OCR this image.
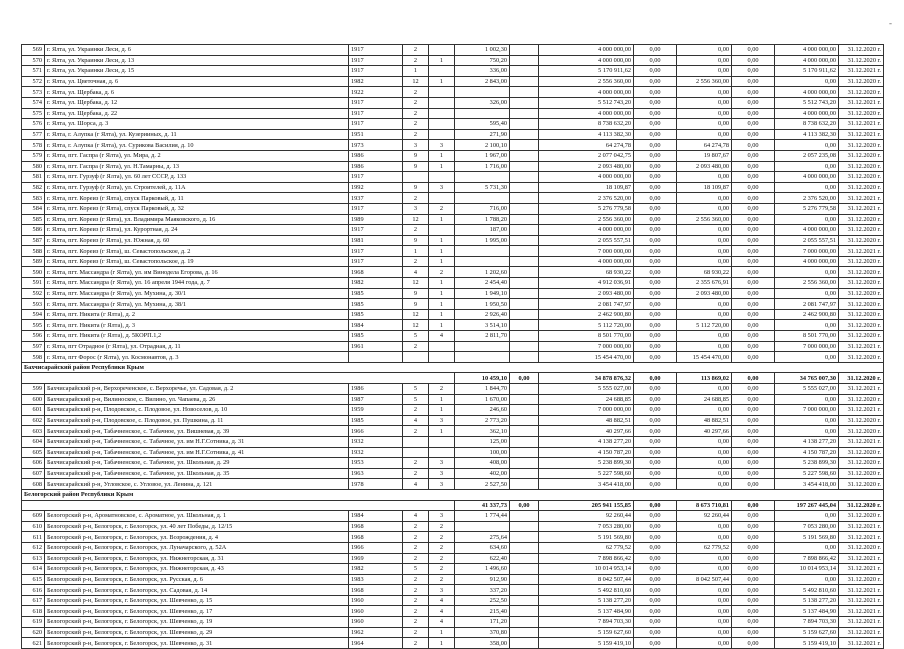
-
569	г. Ялта, ул. Украинки Леси, д. 6	1917	2		1 002,30		4 000 000,00	0,00	0,00	0,00	4 000 000,00	31.12.2020 г.
570	г. Ялта, ул. Украинки Леси, д. 13	1917	2	1	750,20		4 000 000,00	0,00	0,00	0,00	4 000 000,00	31.12.2020 г.
571	г. Ялта, ул. Украинки Леси, д. 15	1917	1		336,00		5 170 911,62	0,00	0,00	0,00	5 170 911,62	31.12.2021 г.
572	г. Ялта, ул. Цветочная, д. 6	1982	12	1	2 843,00		2 556 360,00	0,00	2 556 360,00	0,00	0,00	31.12.2020 г.
573	г. Ялта, ул. Щербака, д. 6	1922	2				4 000 000,00	0,00	0,00	0,00	4 000 000,00	31.12.2020 г.
574	г. Ялта, ул. Щербака, д. 12	1917	2		326,00		5 512 743,20	0,00	0,00	0,00	5 512 743,20	31.12.2021 г.
575	г. Ялта, ул. Щербака, д. 22	1917	2				4 000 000,00	0,00	0,00	0,00	4 000 000,00	31.12.2020 г.
576	г. Ялта, ул. Шорса, д. 3	1917	2		595,40		8 738 632,20	0,00	0,00	0,00	8 738 632,20	31.12.2021 г.
577	г. Ялта, г. Алупка (г Ялта), ул. Кузерииных, д. 11	1951	2		271,90		4 113 382,30	0,00	0,00	0,00	4 113 382,30	31.12.2021 г.
578	г. Ялта, г. Алупка (г Ялта), ул. Сурикова Василия, д. 10	1973	3	3	2 100,10		64 274,78	0,00	64 274,78	0,00	0,00	31.12.2020 г.
579	г. Ялта, пгт. Гаспра (г Ялта), ул. Мира, д. 2	1986	9	1	1 967,00		2 077 042,75	0,00	19 807,67	0,00	2 057 235,08	31.12.2020 г.
580	г. Ялта, пгт. Гаспра (г Ялта), ул. Н.Тамарны, д. 13	1986	9	1	1 716,00		2 093 480,00	0,00	2 093 480,00	0,00	0,00	31.12.2020 г.
581	г. Ялта, пгт. Гурзуф (г Ялта), ул. 60 лет СССР, д. 133	1917					4 000 000,00	0,00	0,00	0,00	4 000 000,00	31.12.2020 г.
582	г. Ялта, пгт. Гурзуф (г Ялта), ул. Строителей, д. 11А	1992	9	3	5 731,30		18 109,87	0,00	18 109,87	0,00	0,00	31.12.2020 г.
583	г. Ялта, пгт. Кореиз (г Ялта), спуск Парковый, д. 11	1937	2				2 376 520,00	0,00	0,00	0,00	2 376 520,00	31.12.2021 г.
584	г. Ялта, пгт. Кореиз (г Ялта), спуск Парковый, д. 32	1917	3	2	716,00		5 276 779,58	0,00	0,00	0,00	5 276 779,58	31.12.2021 г.
585	г. Ялта, пгт. Кореиз (г Ялта), ул. Владимира Маяковского, д. 16	1989	12	1	1 788,20		2 556 360,00	0,00	2 556 360,00	0,00	0,00	31.12.2020 г.
586	г. Ялта, пгт. Кореиз (г Ялта), ул. Курортная, д. 24	1917	2		187,00		4 000 000,00	0,00	0,00	0,00	4 000 000,00	31.12.2020 г.
587	г. Ялта, пгт. Кореиз (г Ялта), ул. Южная, д. 60	1981	9	1	1 995,00		2 055 557,51	0,00	0,00	0,00	2 055 557,51	31.12.2020 г.
588	г. Ялта, пгт. Кореиз (г Ялта), ш. Севастопольское, д. 2	1917	1	1			7 000 000,00	0,00	0,00	0,00	7 000 000,00	31.12.2021 г.
589	г. Ялта, пгт. Кореиз (г Ялта), ш. Севастопольское, д. 19	1917	2	1			4 000 000,00	0,00	0,00	0,00	4 000 000,00	31.12.2020 г.
590	г. Ялта, пгт. Массандра (г Ялта), ул. им Винодела Егорова, д. 16	1968	4	2	1 202,60		68 930,22	0,00	68 930,22	0,00	0,00	31.12.2020 г.
591	г. Ялта, пгт. Массандра (г Ялта), ул. 16 апреля 1944 года, д. 7	1982	12	1	2 454,40		4 912 036,91	0,00	2 355 676,91	0,00	2 556 360,00	31.12.2020 г.
592	г. Ялта, пгт. Массандра (г Ялта), ул. Мухина, д. 30/1	1985	9	1	1 949,10		2 093 480,00	0,00	2 093 480,00	0,00	0,00	31.12.2020 г.
593	г. Ялта, пгт. Массандра (г Ялта), ул. Мухина, д. 38/1	1985	9	1	1 950,50		2 081 747,97	0,00	0,00	0,00	2 081 747,97	31.12.2020 г.
594	г. Ялта, пгт. Никита (г Ялта), д. 2	1985	12	1	2 926,40		2 462 900,80	0,00	0,00	0,00	2 462 900,80	31.12.2020 г.
595	г. Ялта, пгт. Никита (г Ялта), д. 3	1984	12	1	3 514,10		5 112 720,00	0,00	5 112 720,00	0,00	0,00	31.12.2020 г.
596	г. Ялта, пгт. Никита (г Ялта), д. 5КОРП.1,2	1985	5	4	2 811,70		8 501 770,00	0,00	0,00	0,00	8 501 770,00	31.12.2020 г.
597	г. Ялта, пгт Отрадное (г Ялта), ул. Отрадная, д. 11	1961	2				7 000 000,00	0,00	0,00	0,00	7 000 000,00	31.12.2021 г.
598	г. Ялта, пгт Форос (г Ялта), ул. Космонавтов, д. 3						15 454 470,00	0,00	15 454 470,00	0,00	0,00	31.12.2020 г.
Бахчисарайский район Республики Крым												
					10 459,10	0,00	34 878 876,32	0,00	113 869,02	0,00	34 765 007,30	31.12.2020 г.
599	Бахчисарайский р-н, Верхореченское, с. Верхоречье, ул. Садовая, д. 2	1986	5	2	1 844,70		5 555 027,00	0,00	0,00	0,00	5 555 027,00	31.12.2021 г.
600	Бахчисарайский р-н, Вилиноское, с. Вилино, ул. Чапаева, д. 26	1987	5	1	1 670,00		24 688,85	0,00	24 688,85	0,00	0,00	31.12.2020 г.
601	Бахчисарайский р-н, Плодовское, с. Плодовое, ул. Новоселов, д. 10	1959	2	1	246,60		7 000 000,00	0,00	0,00	0,00	7 000 000,00	31.12.2021 г.
602	Бахчисарайский р-н, Плодовское, с. Плодовое, ул. Пушкина, д. 11	1985	4	3	2 773,20		48 882,51	0,00	48 882,51	0,00	0,00	31.12.2020 г.
603	Бахчисарайский р-н, Табачненское, с. Табачное, ул. Вишневая, д. 39	1966	2	1	362,10		40 297,66	0,00	40 297,66	0,00	0,00	31.12.2020 г.
604	Бахчисарайский р-н, Табачненское, с. Табачное, ул. им Н.Г.Сотника, д. 31	1932			125,00		4 138 277,20	0,00	0,00	0,00	4 138 277,20	31.12.2021 г.
605	Бахчисарайский р-н, Табачненское, с. Табачное, ул. им Н.Г.Сотника, д. 41	1932			100,00		4 150 787,20	0,00	0,00	0,00	4 150 787,20	31.12.2020 г.
606	Бахчисарайский р-н, Табачненское, с. Табачное, ул. Школьная, д. 29	1953	2	3	408,00		5 238 899,30	0,00	0,00	0,00	5 238 899,30	31.12.2020 г.
607	Бахчисарайский р-н, Табачненское, с. Табачное, ул. Школьная, д. 35	1963	2	3	402,00		5 227 598,60	0,00	0,00	0,00	5 227 598,60	31.12.2020 г.
608	Бахчисарайский р-н, Угловское, с. Угловое, ул. Ленина, д. 121	1978	4	3	2 527,50		3 454 418,00	0,00	0,00	0,00	3 454 418,00	31.12.2020 г.
Белогорский район Республики Крым												
					41 337,73	0,00	205 941 155,85	0,00	8 673 710,81	0,00	197 267 445,04	31.12.2020 г.
609	Белогорский р-н, Ароматновское, с. Ароматное, ул. Школьная, д. 1	1984	4	3	1 774,44		92 260,44	0,00	92 260,44	0,00	0,00	31.12.2020 г.
610	Белогорский р-н, Белогорск, г. Белогорск, ул. 40 лет Победы, д. 12/15	1968	2	2			7 053 280,00	0,00	0,00	0,00	7 053 280,00	31.12.2021 г.
611	Белогорский р-н, Белогорск, г. Белогорск, ул. Возрождения, д. 4	1968	2	2	275,64		5 191 569,80	0,00	0,00	0,00	5 191 569,80	31.12.2021 г.
612	Белогорский р-н, Белогорск, г. Белогорск, ул. Луначарского, д. 52А	1966	2	2	634,60		62 779,52	0,00	62 779,52	0,00	0,00	31.12.2020 г.
613	Белогорский р-н, Белогорск, г. Белогорск, ул. Нижнегорская, д. 31	1969	2	2	622,40		7 898 866,42	0,00	0,00	0,00	7 898 866,42	31.12.2021 г.
614	Белогорский р-н, Белогорск, г. Белогорск, ул. Нижнегорская, д. 43	1982	5	2	1 496,60		10 014 953,14	0,00	0,00	0,00	10 014 953,14	31.12.2021 г.
615	Белогорский р-н, Белогорск, г. Белогорск, ул. Русская, д. 6	1983	2	2	912,90		8 042 507,44	0,00	8 042 507,44	0,00	0,00	31.12.2020 г.
616	Белогорский р-н, Белогорск, г. Белогорск, ул. Садовая, д. 14	1968	2	3	337,20		5 492 810,60	0,00	0,00	0,00	5 492 810,60	31.12.2021 г.
617	Белогорский р-н, Белогорск, г. Белогорск, ул. Шевченко, д. 15	1960	2	4	252,50		5 138 277,20	0,00	0,00	0,00	5 138 277,20	31.12.2021 г.
618	Белогорский р-н, Белогорск, г. Белогорск, ул. Шевченко, д. 17	1960	2	4	215,40		5 137 484,90	0,00	0,00	0,00	5 137 484,90	31.12.2021 г.
619	Белогорский р-н, Белогорск, г. Белогорск, ул. Шевченко, д. 19	1960	2	4	171,20		7 894 703,30	0,00	0,00	0,00	7 894 703,30	31.12.2021 г.
620	Белогорский р-н, Белогорск, г. Белогорск, ул. Шевченко, д. 29	1962	2	1	370,80		5 159 627,60	0,00	0,00	0,00	5 159 627,60	31.12.2021 г.
621	Белогорский р-н, Белогорск, г. Белогорск, ул. Шевченко, д. 31	1964	2	1	358,00		5 159 419,10	0,00	0,00	0,00	5 159 419,10	31.12.2021 г.
